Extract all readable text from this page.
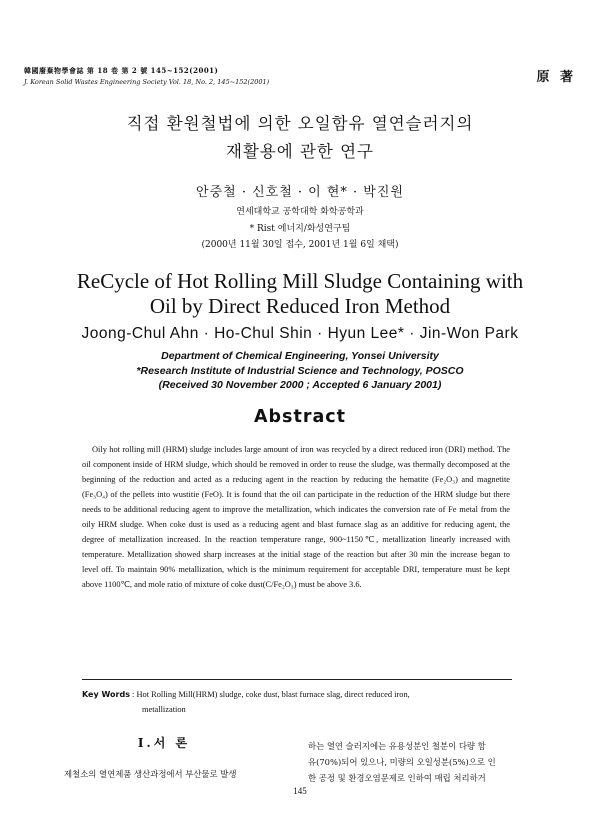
韓國廢棄物學會誌 第 18 卷 第 2 號 145~152(2001)
J. Korean Solid Wastes Engineering Society Vol. 18, No. 2, 145~152(2001)	原 著
직접 환원철법에 의한 오일함유 열연슬러지의
재활용에 관한 연구
안중철 · 신호철 · 이 현* · 박진원
연세대학교 공학대학 화학공학과
* Rist 에너지/화성연구팀
(2000년 11월 30일 접수, 2001년 1월 6일 채택)
ReCycle of Hot Rolling Mill Sludge Containing with
Oil by Direct Reduced Iron Method
Joong-Chul Ahn · Ho-Chul Shin · Hyun Lee* · Jin-Won Park
Department of Chemical Engineering, Yonsei University
*Research Institute of Industrial Science and Technology, POSCO
(Received 30 November 2000 ; Accepted 6 January 2001)
Abstract
Oily hot rolling mill (HRM) sludge includes large amount of iron was recycled by a direct reduced iron (DRI) method. The oil component inside of HRM sludge, which should be removed in order to reuse the sludge, was thermally decomposed at the beginning of the reduction and acted as a reducing agent in the reaction by reducing the hematite (Fe₂O₃) and magnetite (Fe₃O₄) of the pellets into wustitie (FeO). It is found that the oil can participate in the reduction of the HRM sludge but there needs to be additional reducing agent to improve the metallization, which indicates the conversion rate of Fe metal from the oily HRM sludge. When coke dust is used as a reducing agent and blast furnace slag as an additive for reducing agent, the degree of metallization increased. In the reaction temperature range, 900~1150℃, metallization linearly increased with temperature. Metallization showed sharp increases at the initial stage of the reaction but after 30 min the increase began to level off. To maintain 90% metallization, which is the minimum requirement for acceptable DRI, temperature must be kept above 1100℃, and mole ratio of mixture of coke dust(C/Fe₂O₃) must be above 3.6.
Key Words : Hot Rolling Mill(HRM) sludge, coke dust, blast furnace slag, direct reduced iron,
metallization
Ⅰ.서 론
제철소의 열연제품 생산과정에서 부산물로 발생
하는 열연 슬러지에는 유용성분인 철분이 다량 함
유(70%)되어 있으나, 미량의 오일성분(5%)으로 인
한 공정 및 환경오염문제로 인하여 매립 처리하거
145
